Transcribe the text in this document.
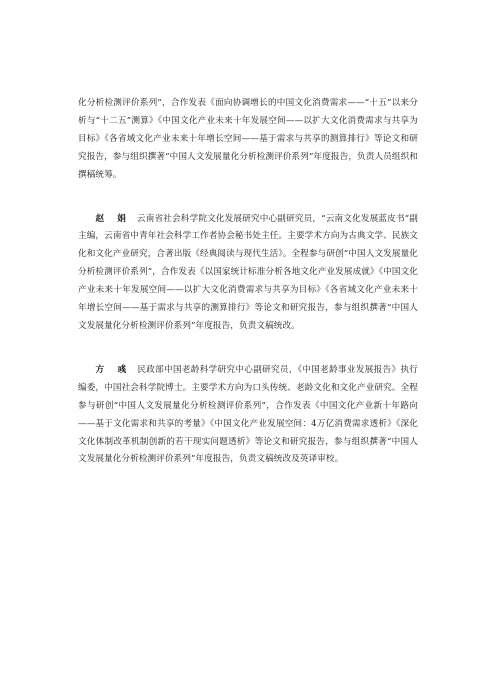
化分析检测评价系列”，合作发表《面向协调增长的中国文化消费需求——“十五”以来分析与“十二五”测算》《中国文化产业未来十年发展空间——以扩大文化消费需求与共享为目标》《各省域文化产业未来十年增长空间——基于需求与共享的测算排行》等论文和研究报告，参与组织撰著“中国人文发展量化分析检测评价系列”年度报告，负责人员组织和撰稿统筹。

赵 娟 云南省社会科学院文化发展研究中心副研究员，“云南文化发展蓝皮书”副主编，云南省中青年社会科学工作者协会秘书处主任。主要学术方向为古典文学、民族文化和文化产业研究，合著出版《经典阅读与现代生活》。全程参与研创“中国人文发展量化分析检测评价系列”，合作发表《以国家统计标准分析各地文化产业发展成就》《中国文化产业未来十年发展空间——以扩大文化消费需求与共享为目标》《各省域文化产业未来十年增长空间——基于需求与共享的测算排行》等论文和研究报告，参与组织撰著“中国人文发展量化分析检测评价系列”年度报告，负责文稿统改。

方 彧 民政部中国老龄科学研究中心副研究员，《中国老龄事业发展报告》执行编委，中国社会科学院博士。主要学术方向为口头传统、老龄文化和文化产业研究。全程参与研创“中国人文发展量化分析检测评价系列”，合作发表《中国文化产业新十年路向——基于文化需求和共享的考量》《中国文化产业发展空间：4万亿消费需求透析》《深化文化体制改革机制创新的若干现实问题透析》等论文和研究报告，参与组织撰著“中国人文发展量化分析检测评价系列”年度报告，负责文稿统改及英译审校。
